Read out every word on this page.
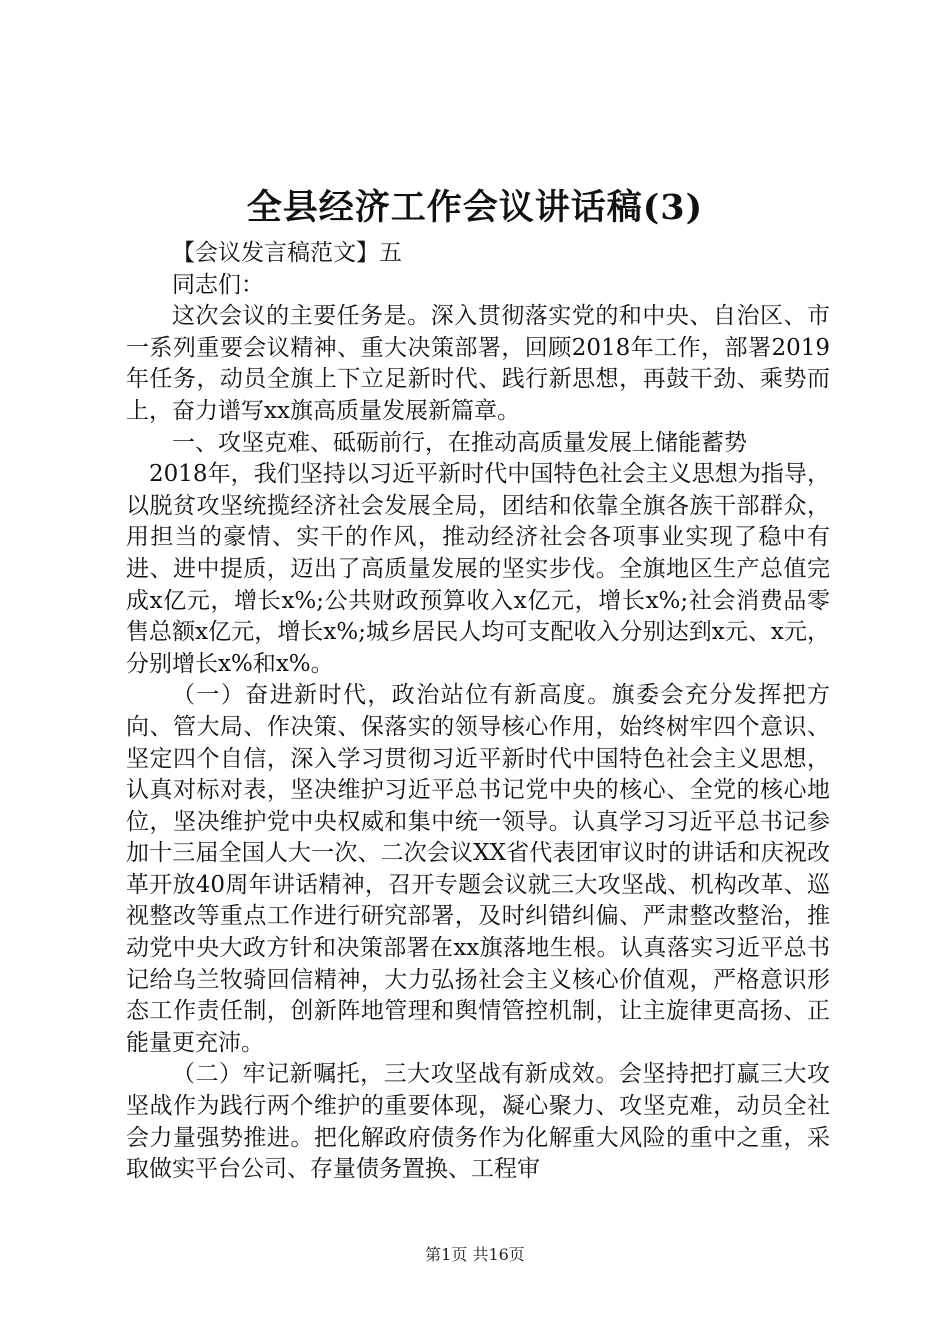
全县经济工作会议讲话稿(3)

【会议发言稿范文】五

同志们：

这次会议的主要任务是。深入贯彻落实党的和中央、自治区、市一系列重要会议精神、重大决策部署，回顾2018年工作，部署2019年任务，动员全旗上下立足新时代、践行新思想，再鼓干劲、乘势而上，奋力谱写xx旗高质量发展新篇章。

一、攻坚克难、砥砺前行，在推动高质量发展上储能蓄势

2018年，我们坚持以习近平新时代中国特色社会主义思想为指导，以脱贫攻坚统揽经济社会发展全局，团结和依靠全旗各族干部群众，用担当的豪情、实干的作风，推动经济社会各项事业实现了稳中有进、进中提质，迈出了高质量发展的坚实步伐。全旗地区生产总值完成x亿元，增长x%;公共财政预算收入x亿元，增长x%;社会消费品零售总额x亿元，增长x%;城乡居民人均可支配收入分别达到x元、x元，分别增长x%和x%。

（一）奋进新时代，政治站位有新高度。旗委会充分发挥把方向、管大局、作决策、保落实的领导核心作用，始终树牢四个意识、坚定四个自信，深入学习贯彻习近平新时代中国特色社会主义思想，认真对标对表，坚决维护习近平总书记党中央的核心、全党的核心地位，坚决维护党中央权威和集中统一领导。认真学习习近平总书记参加十三届全国人大一次、二次会议XX省代表团审议时的讲话和庆祝改革开放40周年讲话精神，召开专题会议就三大攻坚战、机构改革、巡视整改等重点工作进行研究部署，及时纠错纠偏、严肃整改整治，推动党中央大政方针和决策部署在xx旗落地生根。认真落实习近平总书记给乌兰牧骑回信精神，大力弘扬社会主义核心价值观，严格意识形态工作责任制，创新阵地管理和舆情管控机制，让主旋律更高扬、正能量更充沛。

（二）牢记新嘱托，三大攻坚战有新成效。会坚持把打赢三大攻坚战作为践行两个维护的重要体现，凝心聚力、攻坚克难，动员全社会力量强势推进。把化解政府债务作为化解重大风险的重中之重，采取做实平台公司、存量债务置换、工程审

第1页 共16页
